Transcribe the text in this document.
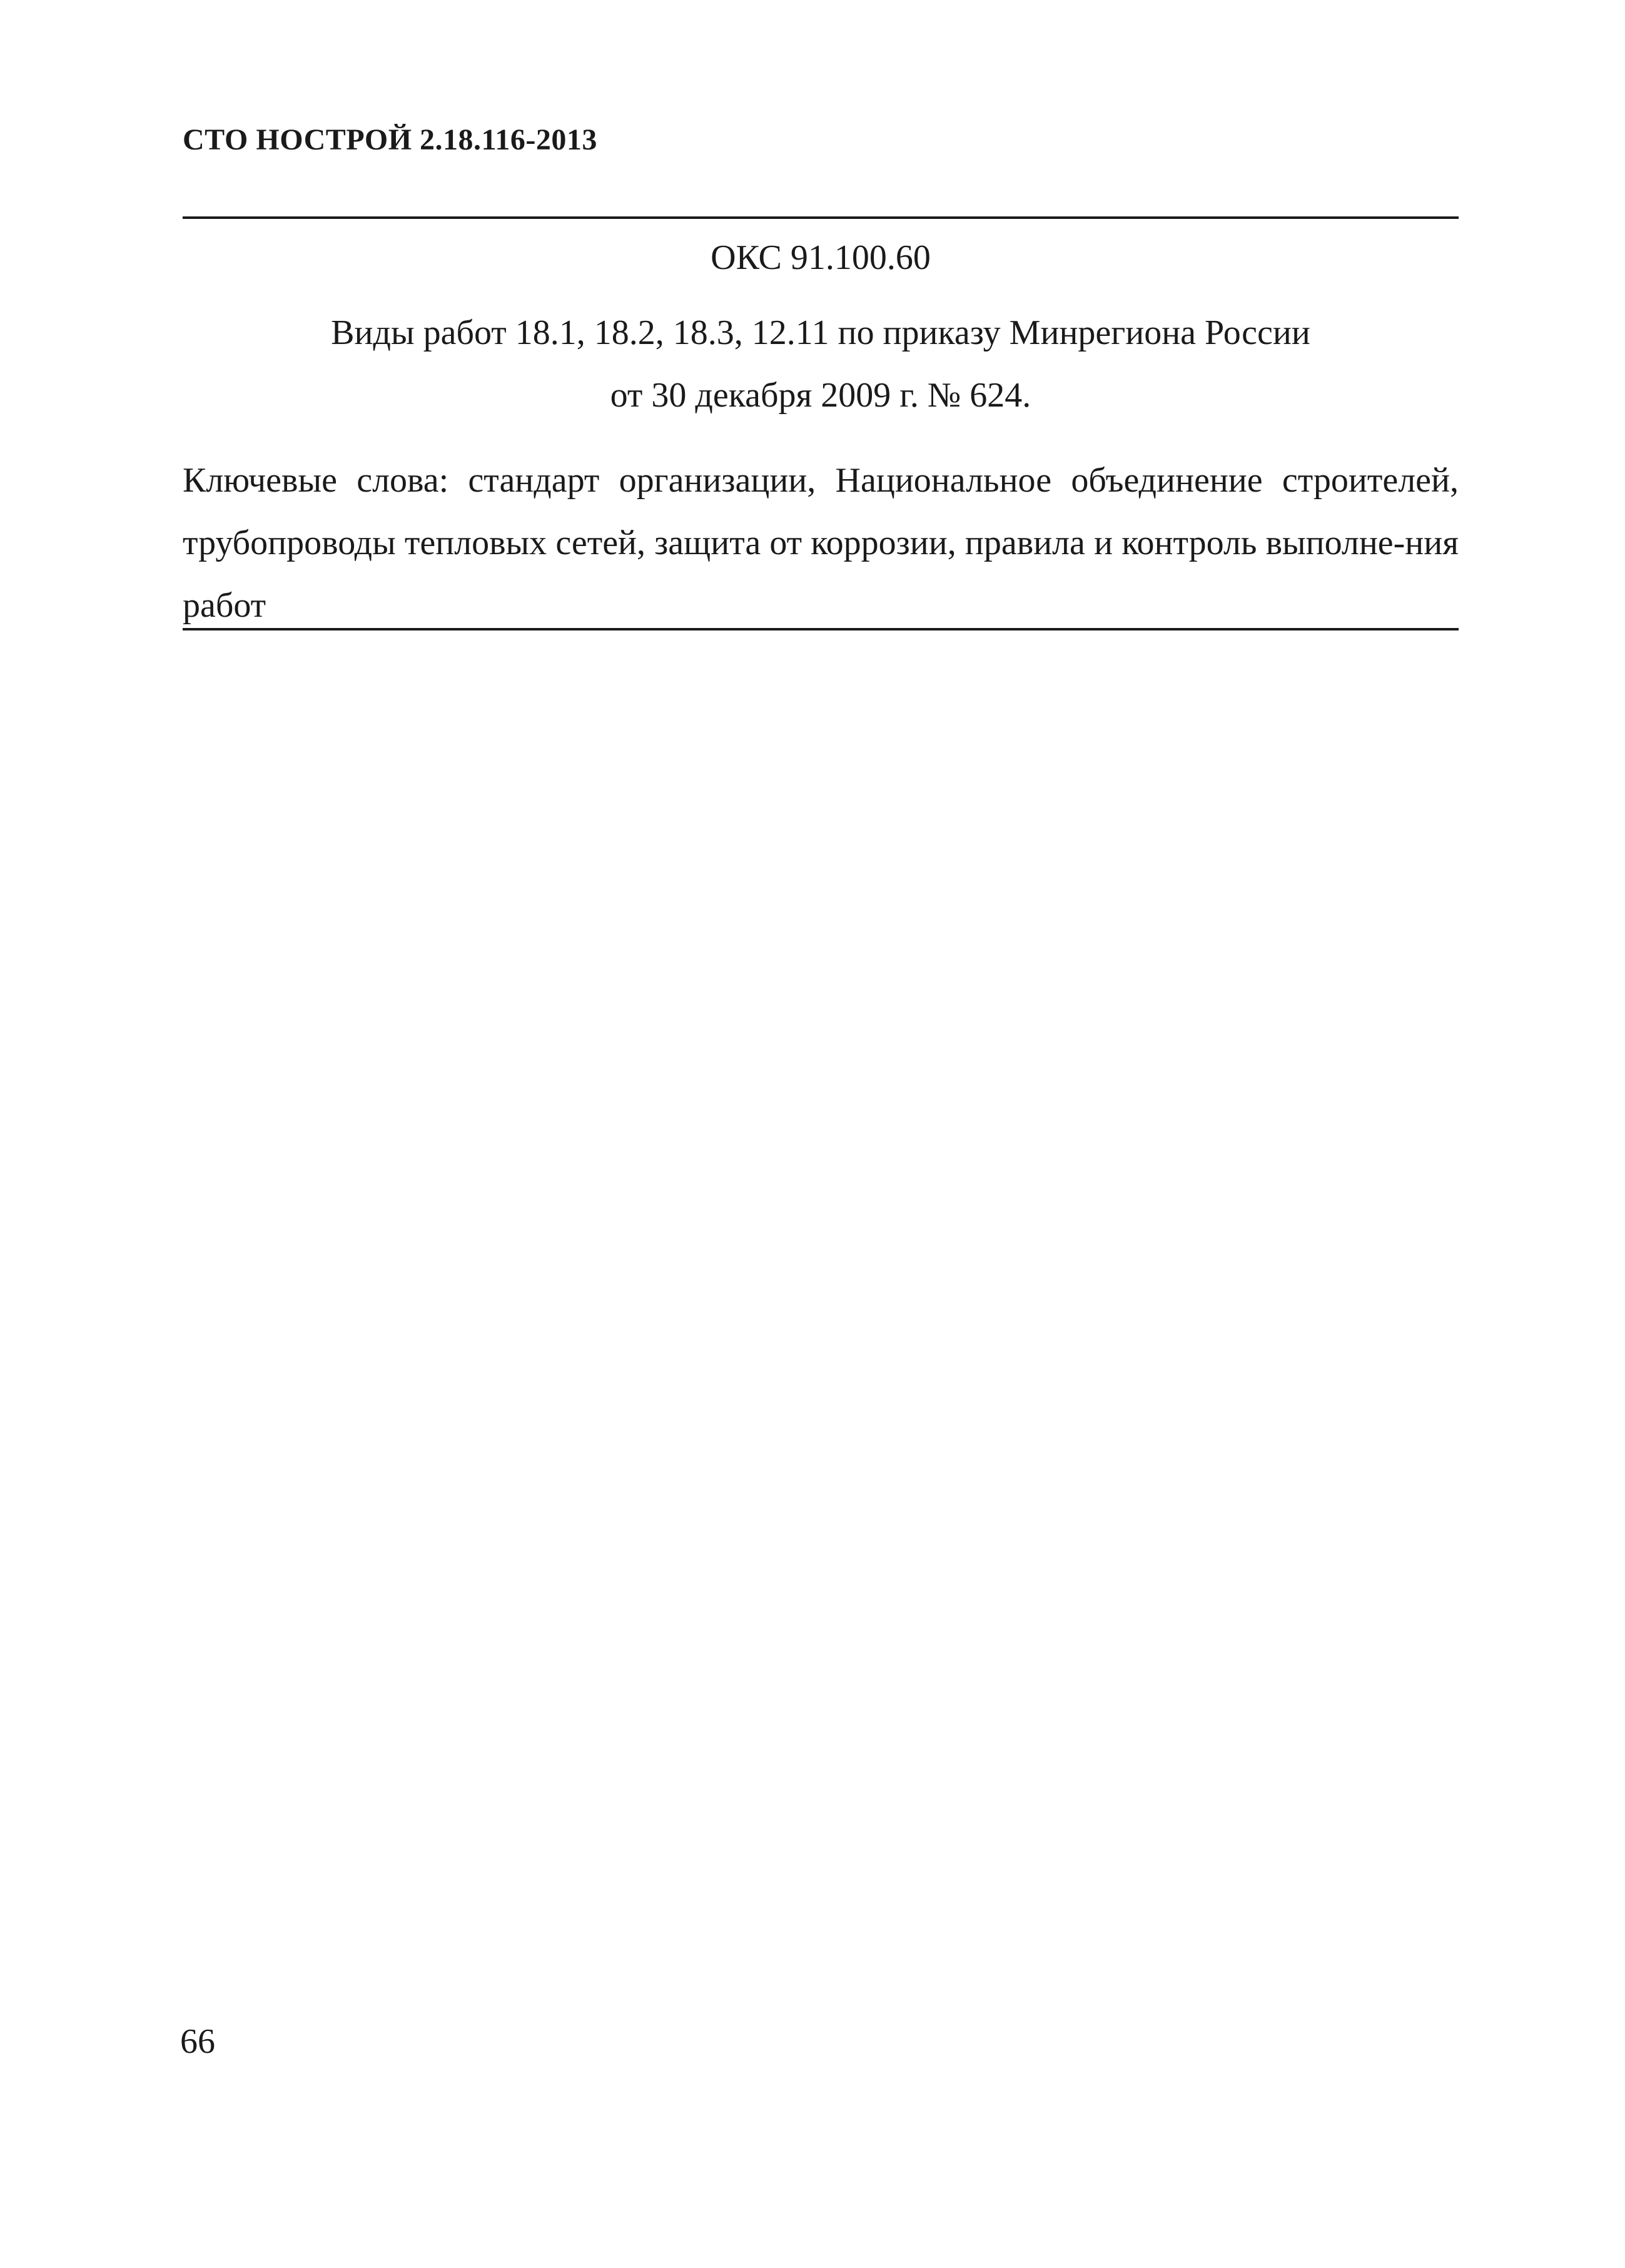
СТО НОСТРОЙ 2.18.116-2013
ОКС 91.100.60
Виды работ 18.1, 18.2, 18.3, 12.11 по приказу Минрегиона России
от 30 декабря 2009 г. № 624.
Ключевые слова: стандарт организации, Национальное объединение строителей, трубопроводы тепловых сетей, защита от коррозии, правила и контроль выполне-ния работ
66
